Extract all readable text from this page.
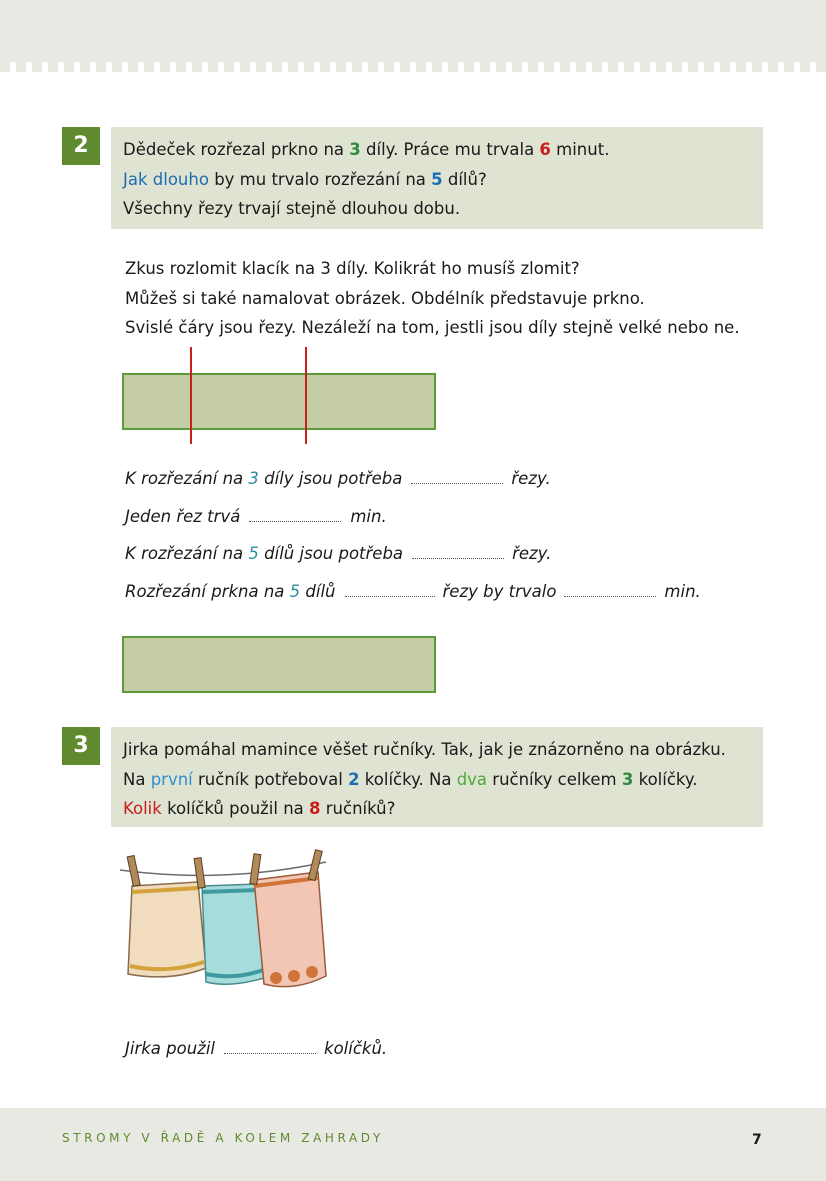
2	Dědeček rozřezal prkno na 3 díly. Práce mu trvala 6 minut.
Jak dlouho by mu trvalo rozřezání na 5 dílů?
Všechny řezy trvají stejně dlouhou dobu.
Zkus rozlomit klacík na 3 díly. Kolikrát ho musíš zlomit?
Můžeš si také namalovat obrázek. Obdélník představuje prkno.
Svislé čáry jsou řezy. Nezáleží na tom, jestli jsou díly stejně velké nebo ne.
K rozřezání na 3 díly jsou potřeba	řezy.
Jeden řez trvá	min.
K rozřezání na 5 dílů jsou potřeba	řezy.
Rozřezání prkna na 5 dílů	řezy by trvalo	min.
3	Jirka pomáhal mamince věšet ručníky. Tak, jak je znázorněno na obrázku.
Na první ručník potřeboval 2 kolíčky. Na dva ručníky celkem 3 kolíčky.
Kolik kolíčků použil na 8 ručníků?
Jirka použil	kolíčků.
STROMY V ŘADĚ A KOLEM ZAHRADY	7
